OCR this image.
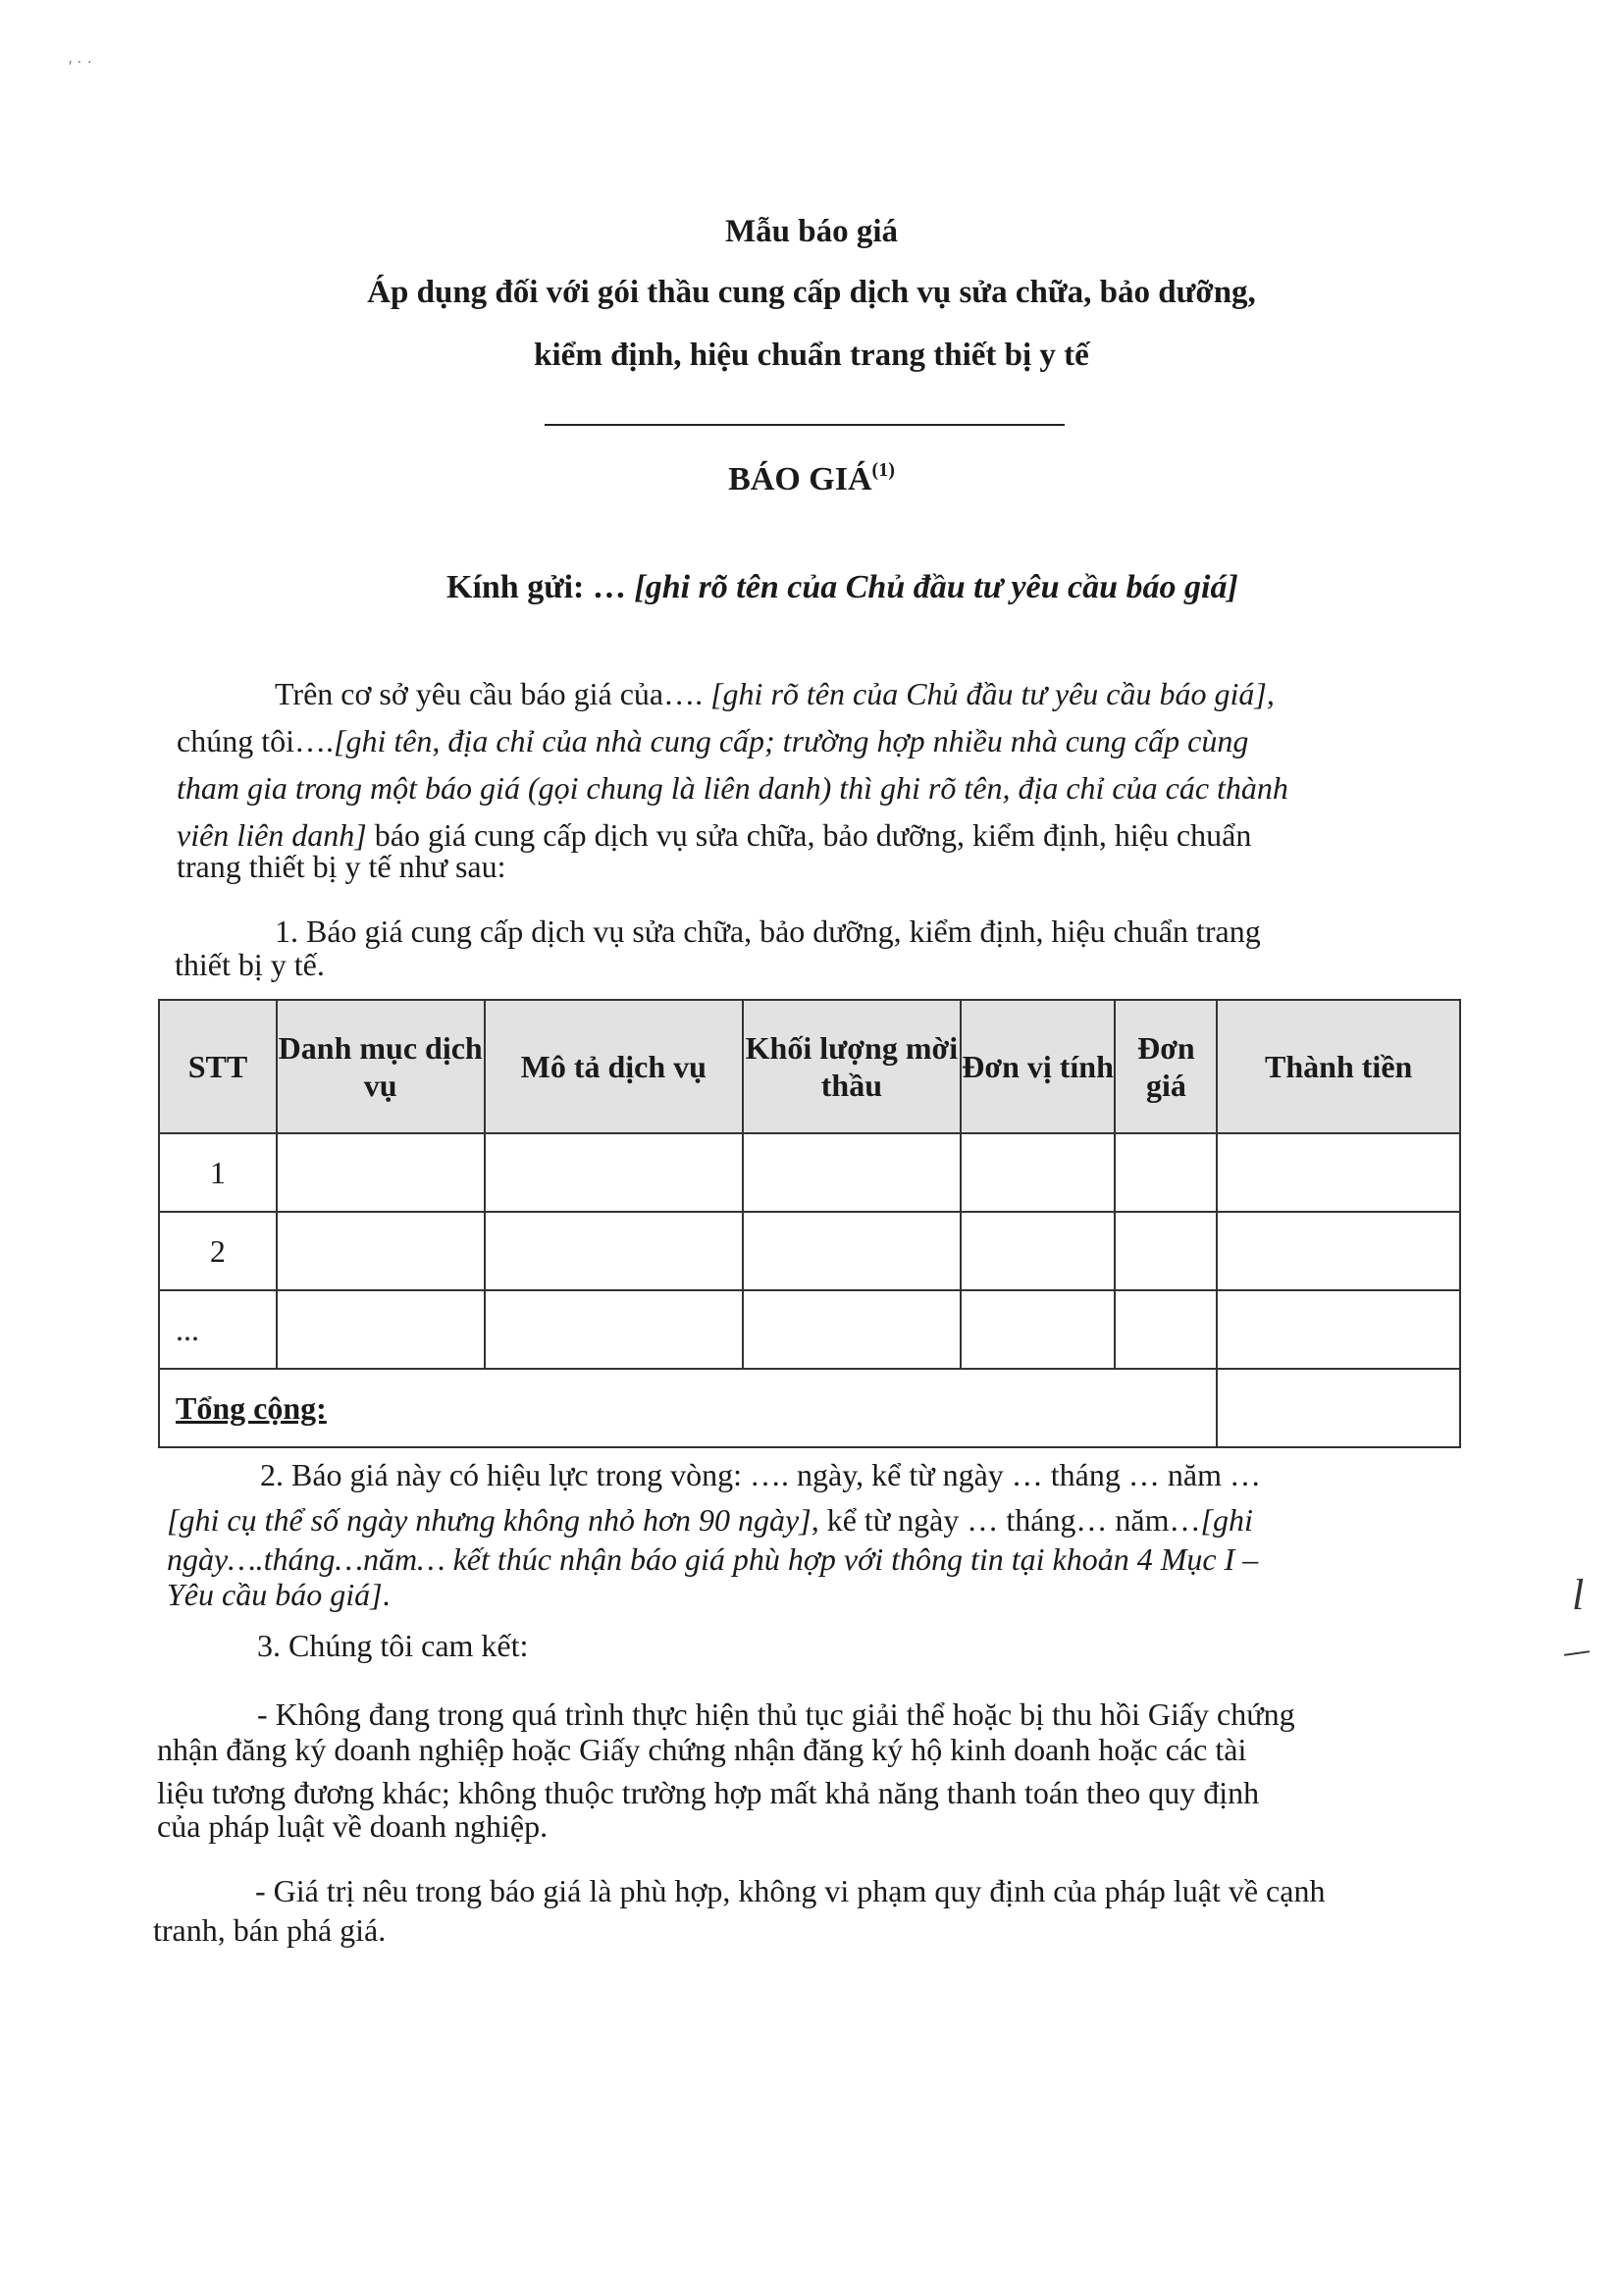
' ˙ ˙
Mẫu báo giá
Áp dụng đối với gói thầu cung cấp dịch vụ sửa chữa, bảo dưỡng,
kiểm định, hiệu chuẩn trang thiết bị y tế
BÁO GIÁ$^{(1)}$
Kính gửi: … [ghi rõ tên của Chủ đầu tư yêu cầu báo giá]
Trên cơ sở yêu cầu báo giá của…. [ghi rõ tên của Chủ đầu tư yêu cầu báo giá],
chúng tôi….[ghi tên, địa chỉ của nhà cung cấp; trường hợp nhiều nhà cung cấp cùng
tham gia trong một báo giá (gọi chung là liên danh) thì ghi rõ tên, địa chỉ của các thành
viên liên danh] báo giá cung cấp dịch vụ sửa chữa, bảo dưỡng, kiểm định, hiệu chuẩn
trang thiết bị y tế như sau:
1. Báo giá cung cấp dịch vụ sửa chữa, bảo dưỡng, kiểm định, hiệu chuẩn trang
thiết bị y tế.
STT	Danh mục dịch vụ	Mô tả dịch vụ	Khối lượng mời thầu	Đơn vị tính	Đơn giá	Thành tiền
1						
2						
...						
Tổng cộng:						
2. Báo giá này có hiệu lực trong vòng: …. ngày, kể từ ngày … tháng … năm …
[ghi cụ thể số ngày nhưng không nhỏ hơn 90 ngày], kể từ ngày … tháng… năm…[ghi
ngày….tháng…năm… kết thúc nhận báo giá phù hợp với thông tin tại khoản 4 Mục I –
Yêu cầu báo giá].
3. Chúng tôi cam kết:
- Không đang trong quá trình thực hiện thủ tục giải thể hoặc bị thu hồi Giấy chứng
nhận đăng ký doanh nghiệp hoặc Giấy chứng nhận đăng ký hộ kinh doanh hoặc các tài
liệu tương đương khác; không thuộc trường hợp mất khả năng thanh toán theo quy định
của pháp luật về doanh nghiệp.
- Giá trị nêu trong báo giá là phù hợp, không vi phạm quy định của pháp luật về cạnh
tranh, bán phá giá.
l
